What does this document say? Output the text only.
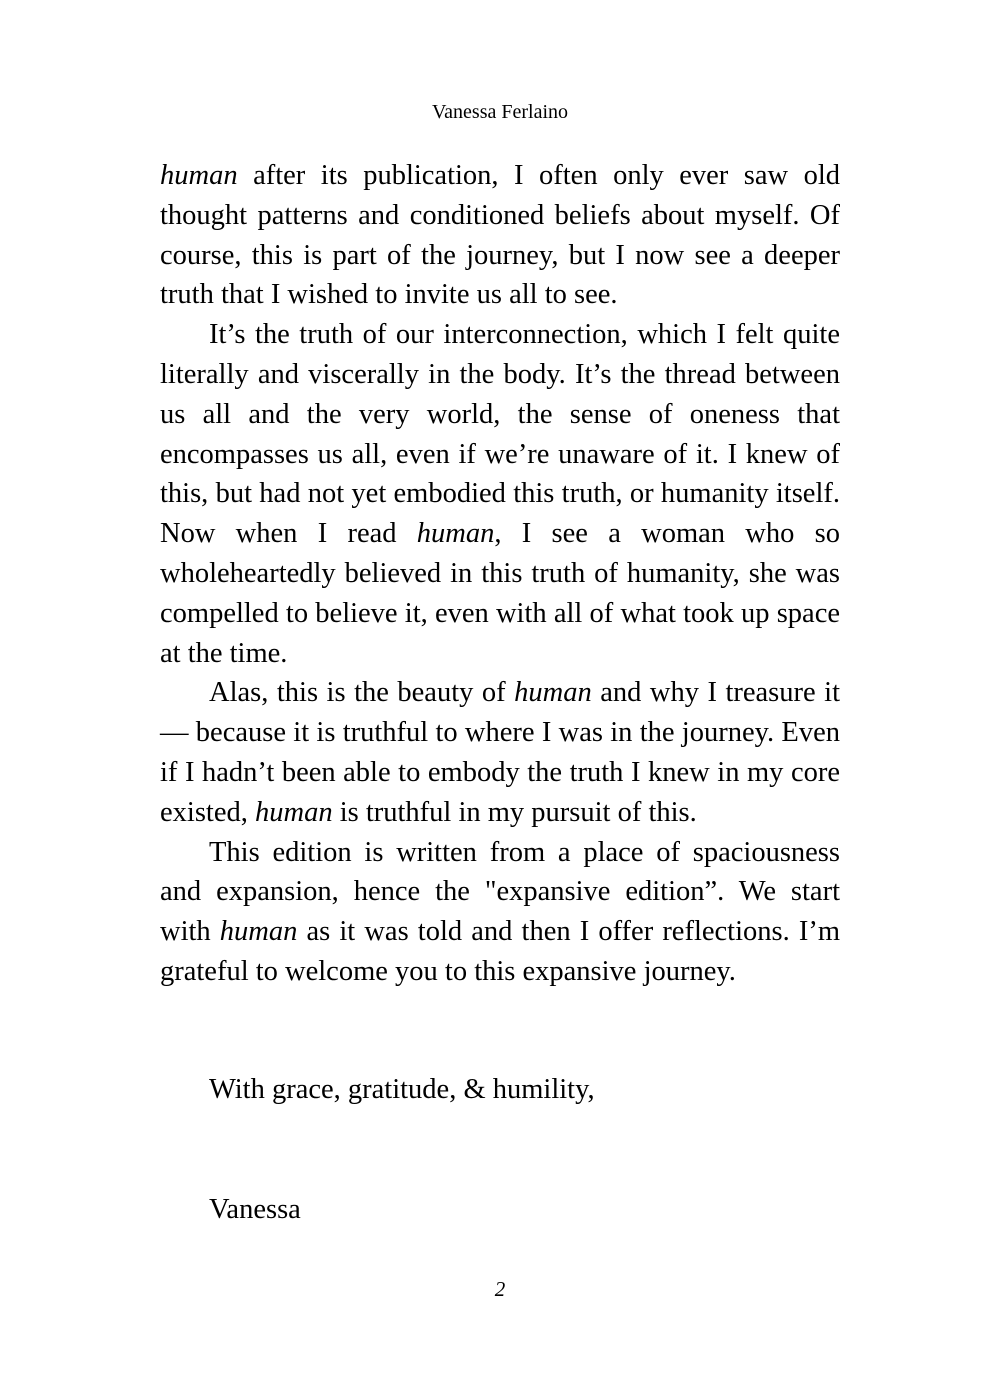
Vanessa Ferlaino

human after its publication, I often only ever saw old thought patterns and conditioned beliefs about myself. Of course, this is part of the journey, but I now see a deeper truth that I wished to invite us all to see.

It’s the truth of our interconnection, which I felt quite literally and viscerally in the body. It’s the thread between us all and the very world, the sense of oneness that encompasses us all, even if we’re unaware of it. I knew of this, but had not yet embodied this truth, or humanity itself. Now when I read human, I see a woman who so wholeheartedly believed in this truth of humanity, she was compelled to believe it, even with all of what took up space at the time.

Alas, this is the beauty of human and why I treasure it — because it is truthful to where I was in the journey. Even if I hadn’t been able to embody the truth I knew in my core existed, human is truthful in my pursuit of this.

This edition is written from a place of spaciousness and expansion, hence the "expansive edition”. We start with human as it was told and then I offer reflections. I’m grateful to welcome you to this expansive journey.

With grace, gratitude, & humility,
Vanessa
2
